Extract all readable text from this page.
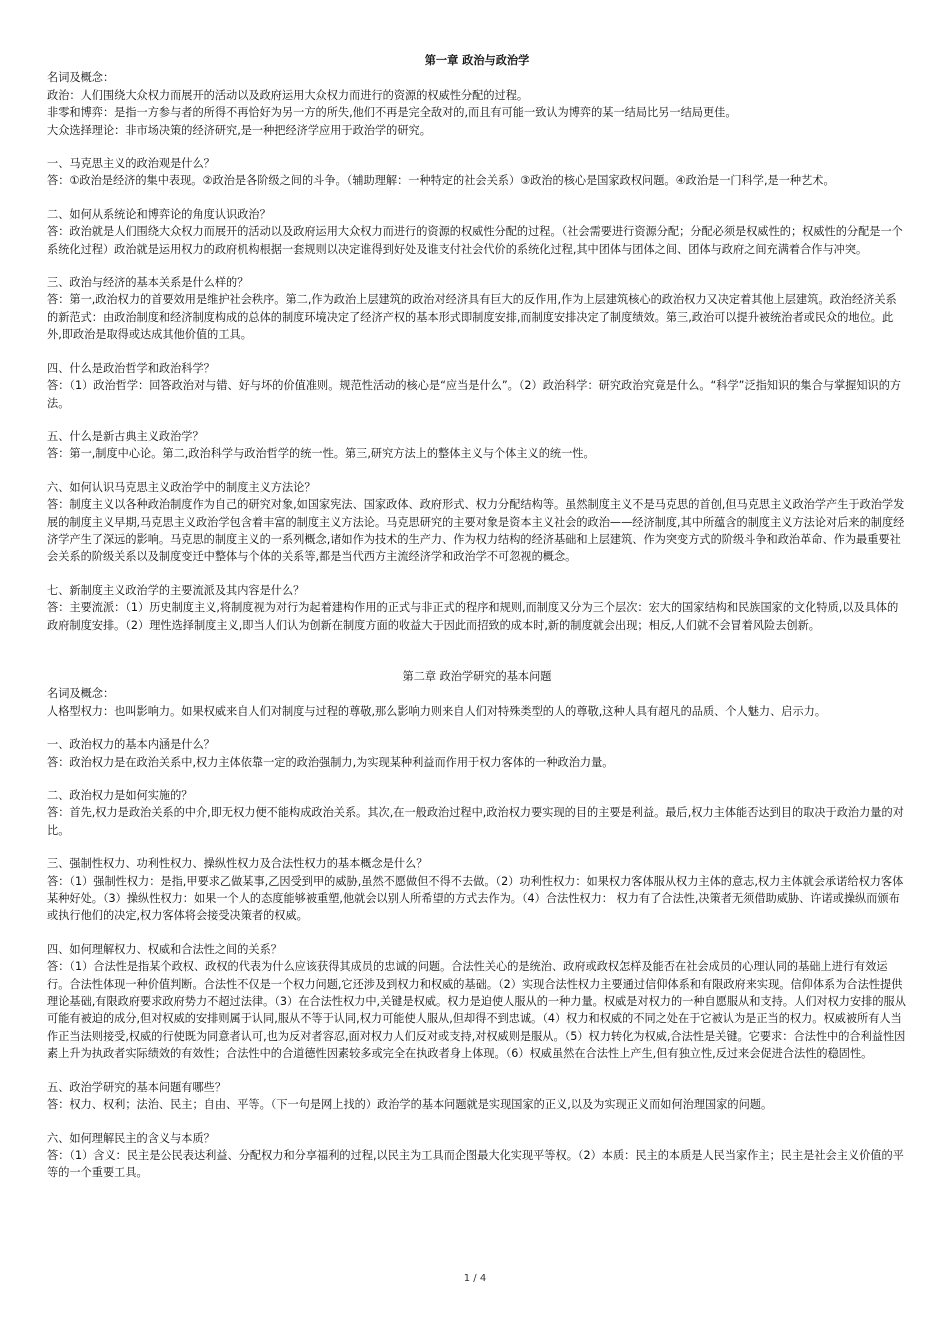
第一章 政治与政治学

名词及概念：

政治：人们围绕大众权力而展开的活动以及政府运用大众权力而进行的资源的权威性分配的过程。

非零和博弈：是指一方参与者的所得不再恰好为另一方的所失,他们不再是完全敌对的,而且有可能一致认为博弈的某一结局比另一结局更佳。

大众选择理论：非市场决策的经济研究,是一种把经济学应用于政治学的研究。

一、马克思主义的政治观是什么？

答：①政治是经济的集中表现。②政治是各阶级之间的斗争。（辅助理解：一种特定的社会关系）③政治的核心是国家政权问题。④政治是一门科学,是一种艺术。

二、如何从系统论和博弈论的角度认识政治？

答：政治就是人们围绕大众权力而展开的活动以及政府运用大众权力而进行的资源的权威性分配的过程。（社会需要进行资源分配；分配必须是权威性的；权威性的分配是一个系统化过程）政治就是运用权力的政府机构根据一套规则以决定谁得到好处及谁支付社会代价的系统化过程,其中团体与团体之间、团体与政府之间充满着合作与冲突。

三、政治与经济的基本关系是什么样的？

答：第一,政治权力的首要效用是维护社会秩序。第二,作为政治上层建筑的政治对经济具有巨大的反作用,作为上层建筑核心的政治权力又决定着其他上层建筑。政治经济关系的新范式：由政治制度和经济制度构成的总体的制度环境决定了经济产权的基本形式即制度安排,而制度安排决定了制度绩效。第三,政治可以提升被统治者或民众的地位。此外,即政治是取得或达成其他价值的工具。

四、什么是政治哲学和政治科学？

答：（1）政治哲学：回答政治对与错、好与坏的价值准则。规范性活动的核心是“应当是什么”。（2）政治科学：研究政治究竟是什么。“科学”泛指知识的集合与掌握知识的方法。

五、什么是新古典主义政治学？

答：第一,制度中心论。第二,政治科学与政治哲学的统一性。第三,研究方法上的整体主义与个体主义的统一性。

六、如何认识马克思主义政治学中的制度主义方法论？

答：制度主义以各种政治制度作为自己的研究对象,如国家宪法、国家政体、政府形式、权力分配结构等。虽然制度主义不是马克思的首创,但马克思主义政治学产生于政治学发展的制度主义早期,马克思主义政治学包含着丰富的制度主义方法论。马克思研究的主要对象是资本主义社会的政治——经济制度,其中所蕴含的制度主义方法论对后来的制度经济学产生了深远的影响。马克思的制度主义的一系列概念,诸如作为技术的生产力、作为权力结构的经济基础和上层建筑、作为突变方式的阶级斗争和政治革命、作为最重要社会关系的阶级关系以及制度变迁中整体与个体的关系等,都是当代西方主流经济学和政治学不可忽视的概念。

七、新制度主义政治学的主要流派及其内容是什么？

答：主要流派：（1）历史制度主义,将制度视为对行为起着建构作用的正式与非正式的程序和规则,而制度又分为三个层次：宏大的国家结构和民族国家的文化特质,以及具体的政府制度安排。（2）理性选择制度主义,即当人们认为创新在制度方面的收益大于因此而招致的成本时,新的制度就会出现；相反,人们就不会冒着风险去创新。

第二章 政治学研究的基本问题

名词及概念：

人格型权力：也叫影响力。如果权威来自人们对制度与过程的尊敬,那么影响力则来自人们对特殊类型的人的尊敬,这种人具有超凡的品质、个人魅力、启示力。

一、政治权力的基本内涵是什么？

答：政治权力是在政治关系中,权力主体依靠一定的政治强制力,为实现某种利益而作用于权力客体的一种政治力量。

二、政治权力是如何实施的？

答：首先,权力是政治关系的中介,即无权力便不能构成政治关系。其次,在一般政治过程中,政治权力要实现的目的主要是利益。最后,权力主体能否达到目的取决于政治力量的对比。

三、强制性权力、功利性权力、操纵性权力及合法性权力的基本概念是什么？

答：（1）强制性权力：是指,甲要求乙做某事,乙因受到甲的威胁,虽然不愿做但不得不去做。（2）功利性权力：如果权力客体服从权力主体的意志,权力主体就会承诺给权力客体某种好处。（3）操纵性权力：如果一个人的态度能够被重塑,他就会以别人所希望的方式去作为。（4）合法性权力： 权力有了合法性,决策者无须借助威胁、许诺或操纵而颁布或执行他们的决定,权力客体将会接受决策者的权威。

四、如何理解权力、权威和合法性之间的关系？

答：（1）合法性是指某个政权、政权的代表为什么应该获得其成员的忠诚的问题。合法性关心的是统治、政府或政权怎样及能否在社会成员的心理认同的基础上进行有效运行。合法性体现一种价值判断。合法性不仅是一个权力问题,它还涉及到权力和权威的基础。（2）实现合法性权力主要通过信仰体系和有限政府来实现。信仰体系为合法性提供理论基础,有限政府要求政府势力不超过法律。（3）在合法性权力中,关键是权威。权力是迫使人服从的一种力量。权威是对权力的一种自愿服从和支持。人们对权力安排的服从可能有被迫的成分,但对权威的安排则属于认同,服从不等于认同,权力可能使人服从,但却得不到忠诚。（4）权力和权威的不同之处在于它被认为是正当的权力。权威被所有人当作正当法则接受,权威的行使既为同意者认可,也为反对者容忍,面对权力人们反对或支持,对权威则是服从。（5）权力转化为权威,合法性是关键。它要求：合法性中的合利益性因素上升为执政者实际绩效的有效性；合法性中的合道德性因素较多或完全在执政者身上体现。（6）权威虽然在合法性上产生,但有独立性,反过来会促进合法性的稳固性。

五、政治学研究的基本问题有哪些？

答：权力、权利；法治、民主；自由、平等。（下一句是网上找的）政治学的基本问题就是实现国家的正义,以及为实现正义而如何治理国家的问题。

六、如何理解民主的含义与本质？

答：（1）含义：民主是公民表达利益、分配权力和分享福利的过程,以民主为工具而企图最大化实现平等权。（2）本质：民主的本质是人民当家作主；民主是社会主义价值的平等的一个重要工具。

1 / 4
